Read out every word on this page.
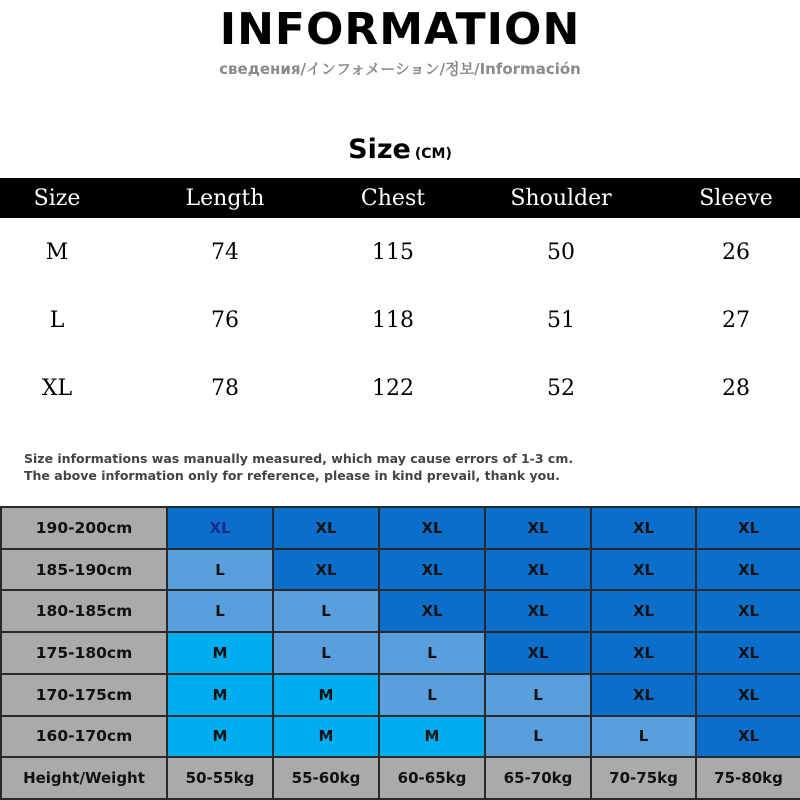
INFORMATION
сведения/インフォメーション/정보/Información
Size (CM)
Size	Length	Chest	Shoulder	Sleeve
M	74	115	50	26
L	76	118	51	27
XL	78	122	52	28
Size informations was manually measured, which may cause errors of 1-3 cm.
The above information only for reference, please in kind prevail, thank you.
190-200cm	XL	XL	XL	XL	XL	XL
185-190cm	L	XL	XL	XL	XL	XL
180-185cm	L	L	XL	XL	XL	XL
175-180cm	M	L	L	XL	XL	XL
170-175cm	M	M	L	L	XL	XL
160-170cm	M	M	M	L	L	XL
Height/Weight	50-55kg	55-60kg	60-65kg	65-70kg	70-75kg	75-80kg
